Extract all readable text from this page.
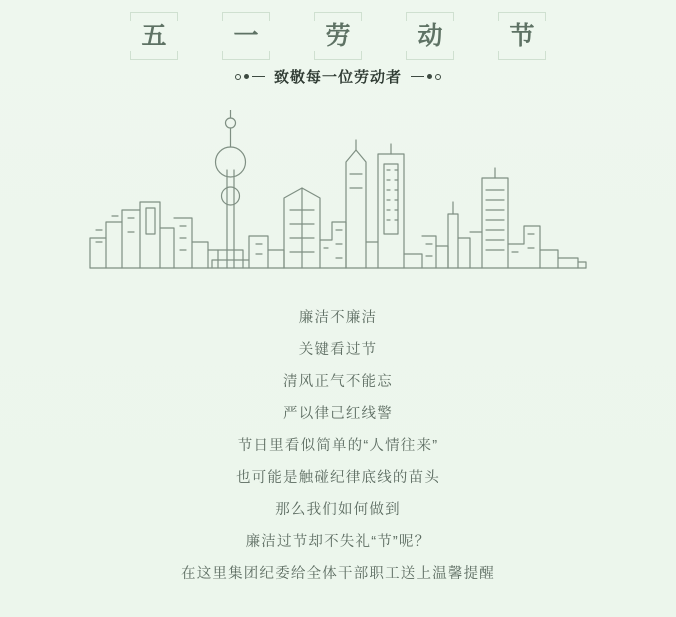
五	一	劳	动	节
致敬每一位劳动者
廉洁不廉洁
关键看过节
清风正气不能忘
严以律己红线警
节日里看似简单的“人情往来”
也可能是触碰纪律底线的苗头
那么我们如何做到
廉洁过节却不失礼“节”呢？
在这里集团纪委给全体干部职工送上温馨提醒
